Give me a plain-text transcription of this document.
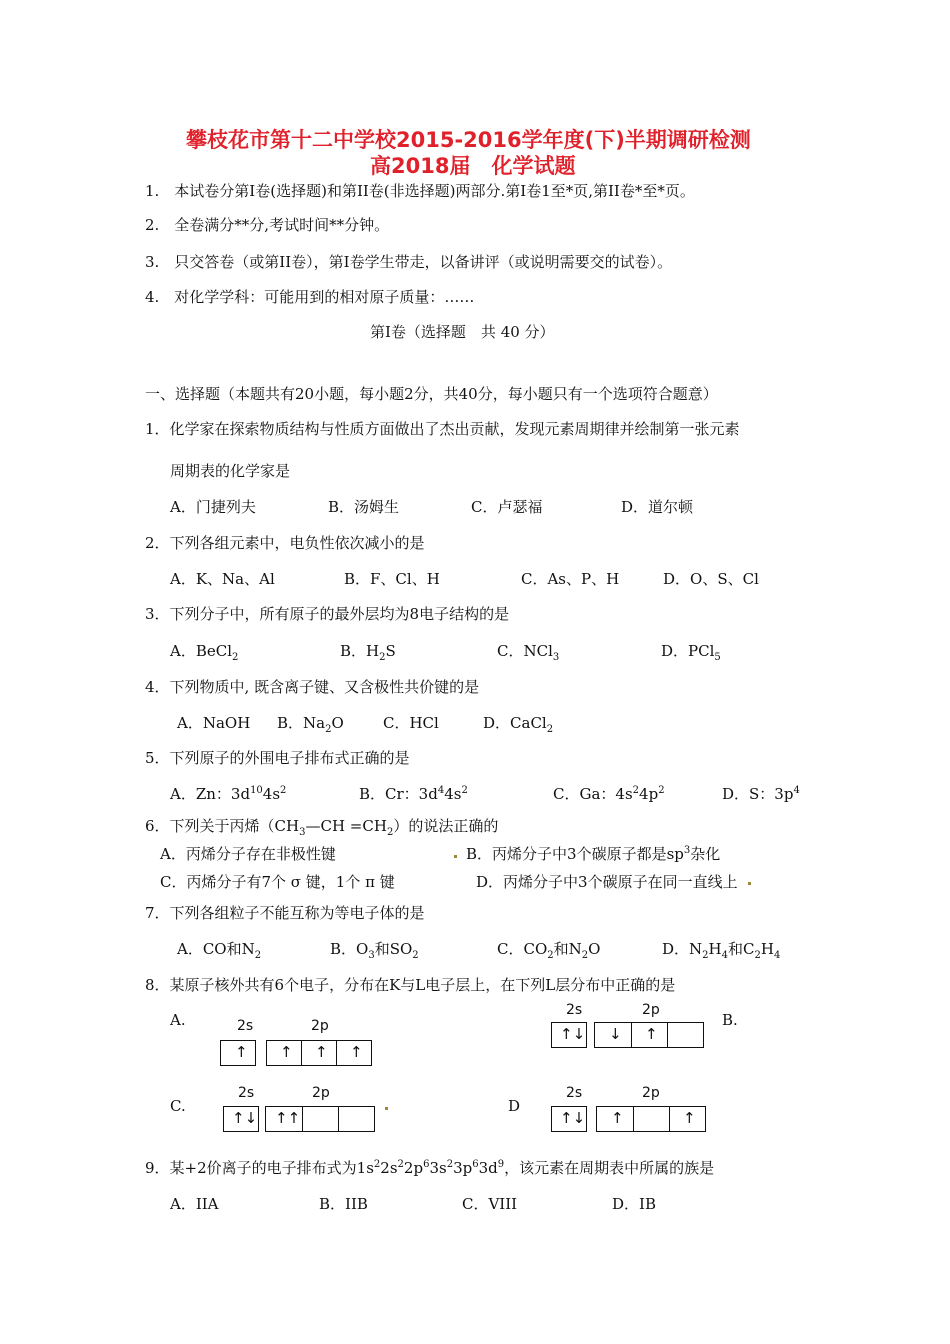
攀枝花市第十二中学校2015-2016学年度(下)半期调研检测
高2018届　化学试题
1.　本试卷分第Ⅰ卷(选择题)和第II卷(非选择题)两部分.第Ⅰ卷1至*页,第II卷*至*页。
2.　全卷满分**分,考试时间**分钟。
3.　只交答卷（或第II卷），第Ⅰ卷学生带走，以备讲评（或说明需要交的试卷）。
4.　对化学学科：可能用到的相对原子质量：……
第Ⅰ卷（选择题　共 40 分）
一、选择题（本题共有20小题，每小题2分，共40分，每小题只有一个选项符合题意）
1．化学家在探索物质结构与性质方面做出了杰出贡献，发现元素周期律并绘制第一张元素
周期表的化学家是
A．门捷列夫	B．汤姆生	C．卢瑟福	D．道尔顿
2．下列各组元素中，电负性依次减小的是
A．K、Na、Al	B．F、Cl、H	C．As、P、H	D．O、S、Cl
3．下列分子中，所有原子的最外层均为8电子结构的是
A．BeCl$_2$	B．$H_2S$	C．NCl$_3$	D．PCl$_5$
4．下列物质中, 既含离子键、又含极性共价键的是
A．NaOH B．$Na_2O$	C．HCl	D．CaCl$_2$
5．下列原子的外围电子排布式正确的是
A．Zn：$3d^{10}4s^2$	B．Cr：$3d^44s^2$	C．Ga：$4s^24p^2$	D．S：$3p^4$
6．下列关于丙烯$(CH_3—CH =CH_2)$的说法正确的
A．丙烯分子存在非极性键	B．丙烯分子中3个碳原子都是$sp^3$杂化
C．丙烯分子有7个 σ 键，1个 π 键	D．丙烯分子中3个碳原子在同一直线上
7．下列各组粒子不能互称为等电子体的是
A．CO和$N_2$	B．$O_3$和$SO_2$	C．$CO_2$和$N_2O$	D．$N_2H_4$和$C_2H_4$
8．某原子核外共有6个电子，分布在K与L电子层上，在下列L层分布中正确的是
A.	2s	2p
↑ ↑ ↑ ↑
2s	2p
↑↓ ↓ ↑
B.
C.
2s	2p
↑↓ ↑↑
D
2s	2p
↑↓ ↑	↑
9．某+2价离子的电子排布式为$1s^22s^22p^63s^23p^63d^9$，该元素在周期表中所属的族是
A．IIA	B．IIB	C．VIII	D．IB
